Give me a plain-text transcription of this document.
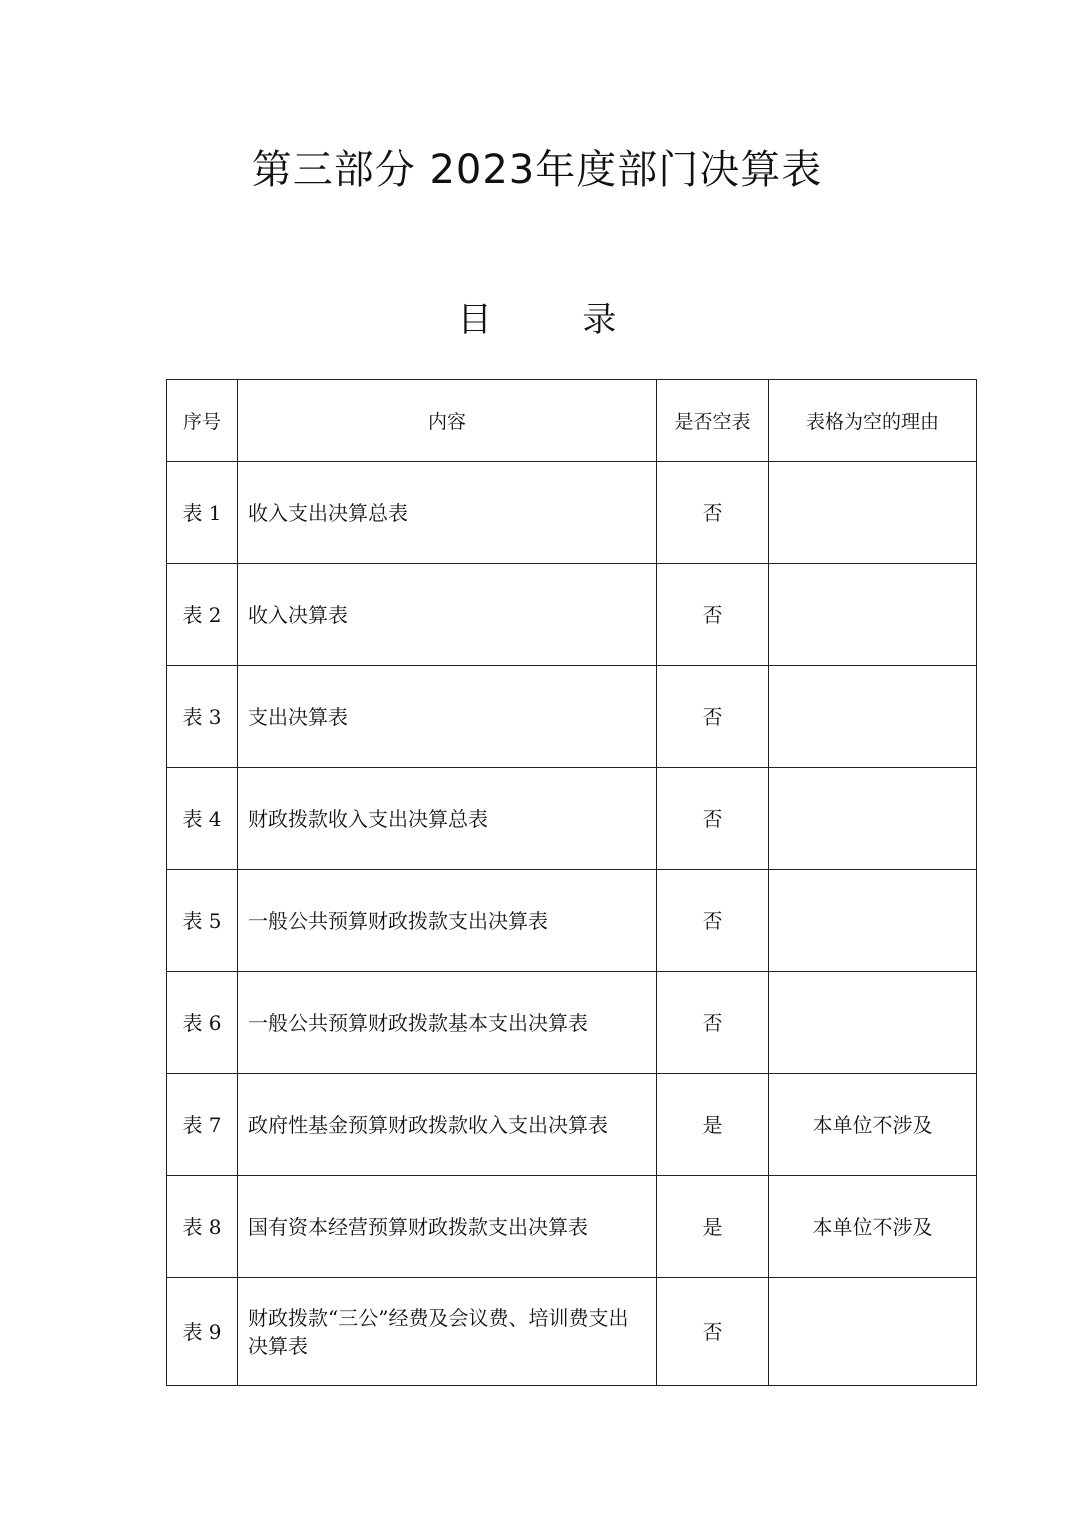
第三部分 2023年度部门决算表
目 录
序号	内容	是否空表	表格为空的理由
表 1	收入支出决算总表	否	
表 2	收入决算表	否	
表 3	支出决算表	否	
表 4	财政拨款收入支出决算总表	否	
表 5	一般公共预算财政拨款支出决算表	否	
表 6	一般公共预算财政拨款基本支出决算表	否	
表 7	政府性基金预算财政拨款收入支出决算表	是	本单位不涉及
表 8	国有资本经营预算财政拨款支出决算表	是	本单位不涉及
表 9	财政拨款“三公”经费及会议费、培训费支出决算表	否	
